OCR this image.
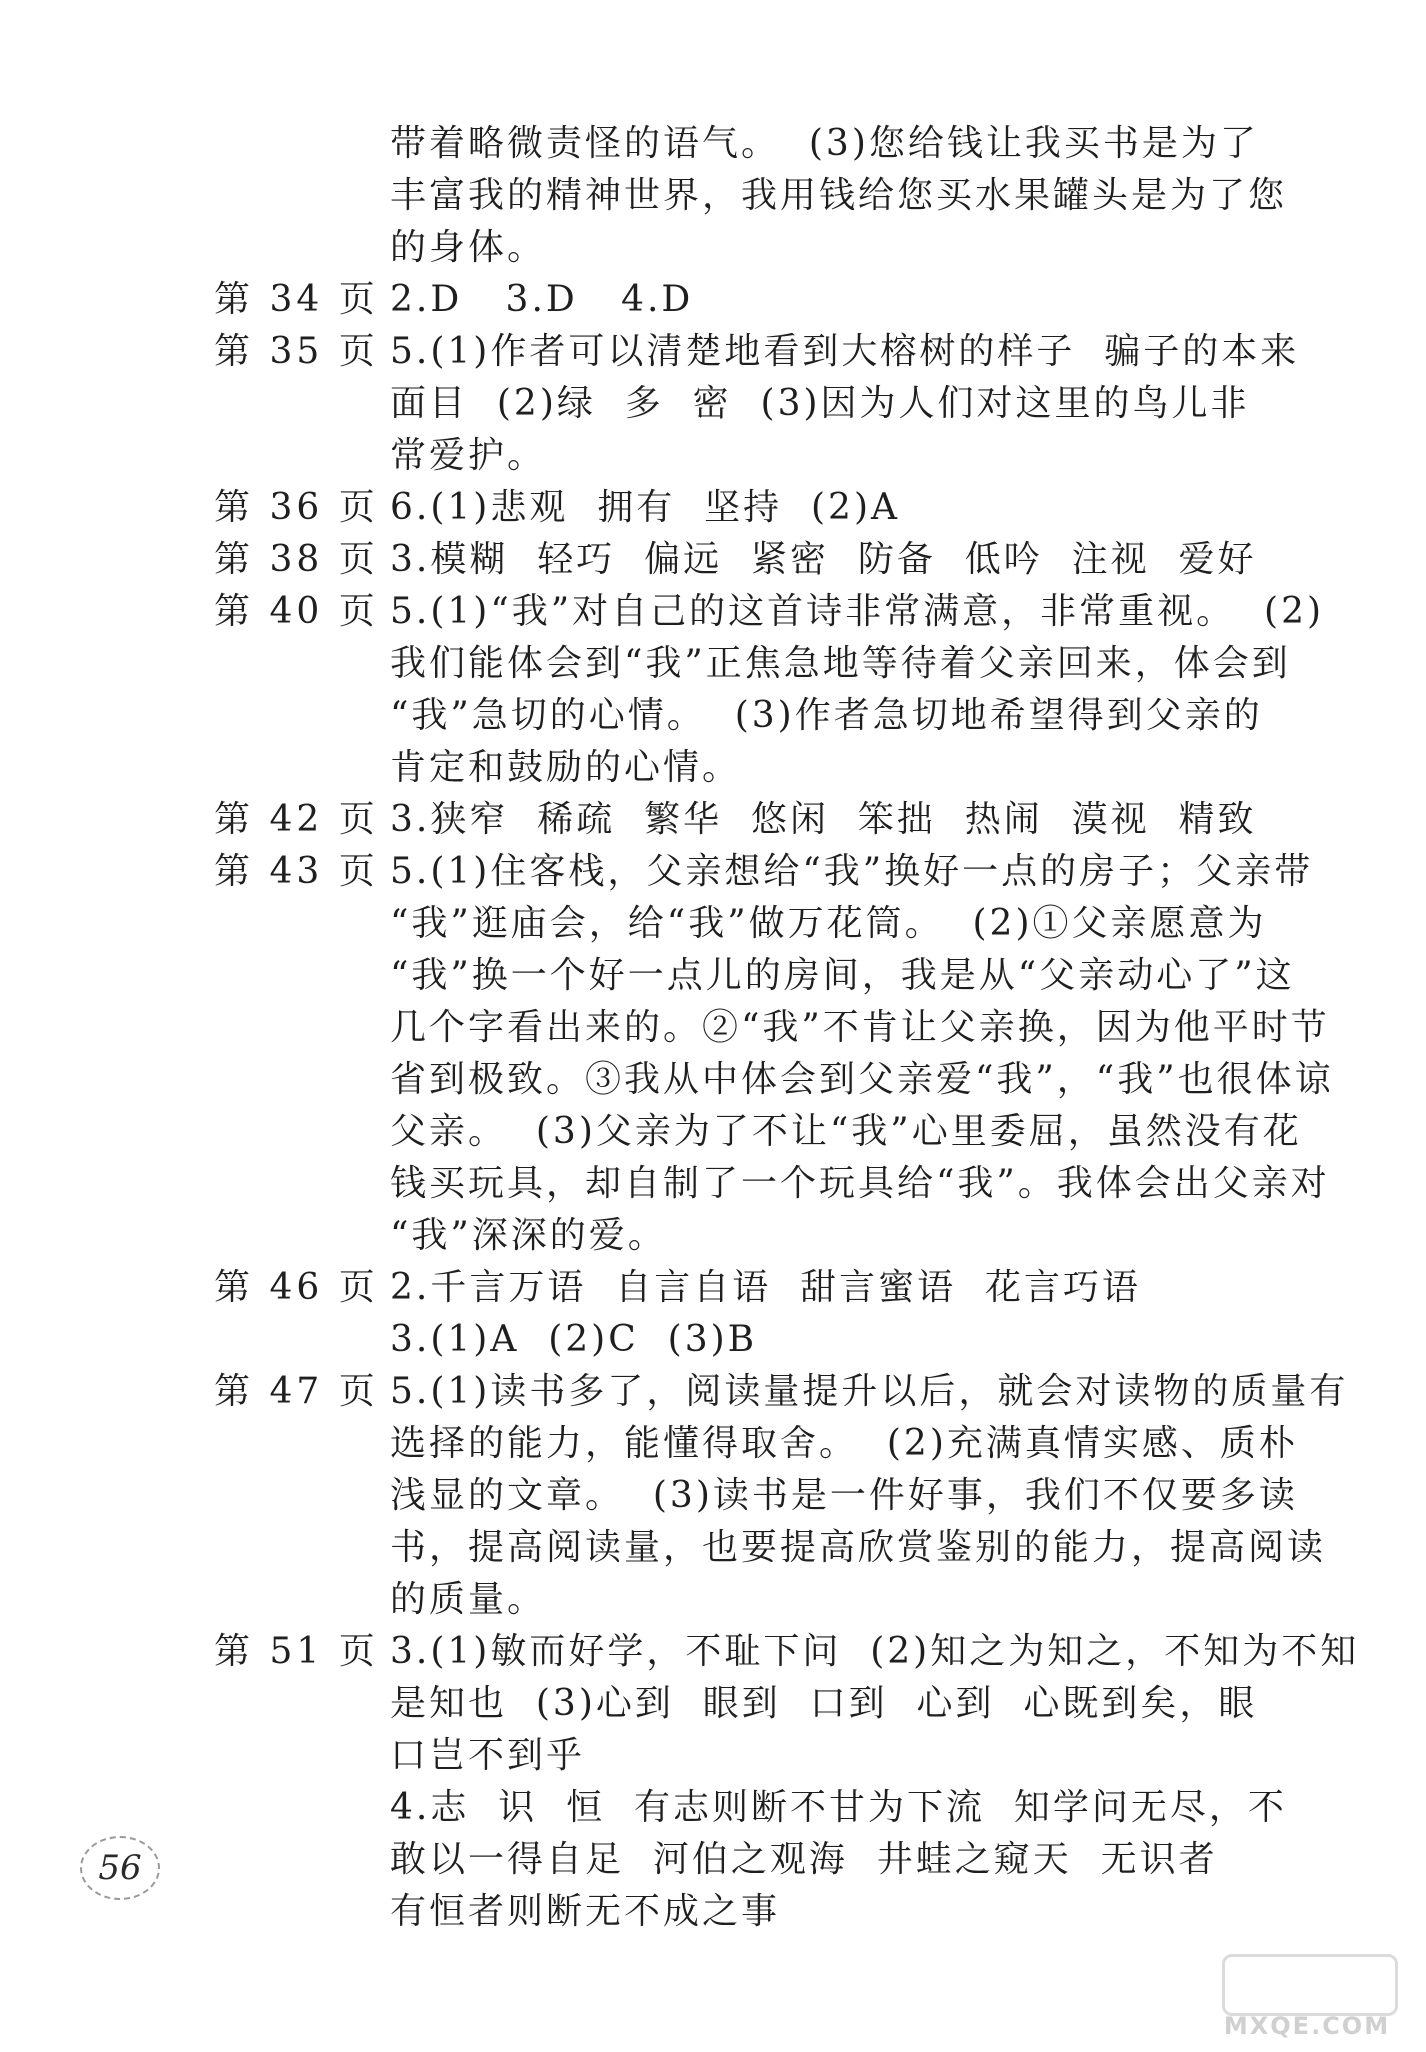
带着略微责怪的语气。  (3)您给钱让我买书是为了
丰富我的精神世界，我用钱给您买水果罐头是为了您
的身体。
第 34 页 2.D   3.D   4.D
第 35 页 5.(1)作者可以清楚地看到大榕树的样子  骗子的本来
面目  (2)绿  多  密  (3)因为人们对这里的鸟儿非
常爱护。
第 36 页 6.(1)悲观  拥有  坚持  (2)A
第 38 页 3.模糊  轻巧  偏远  紧密  防备  低吟  注视  爱好
第 40 页 5.(1)“我”对自己的这首诗非常满意，非常重视。  (2)
我们能体会到“我”正焦急地等待着父亲回来，体会到
“我”急切的心情。  (3)作者急切地希望得到父亲的
肯定和鼓励的心情。
第 42 页 3.狭窄  稀疏  繁华  悠闲  笨拙  热闹  漠视  精致
第 43 页 5.(1)住客栈，父亲想给“我”换好一点的房子；父亲带
“我”逛庙会，给“我”做万花筒。  (2)①父亲愿意为
“我”换一个好一点儿的房间，我是从“父亲动心了”这
几个字看出来的。②“我”不肯让父亲换，因为他平时节
省到极致。③我从中体会到父亲爱“我”，“我”也很体谅
父亲。  (3)父亲为了不让“我”心里委屈，虽然没有花
钱买玩具，却自制了一个玩具给“我”。我体会出父亲对
“我”深深的爱。
第 46 页 2.千言万语  自言自语  甜言蜜语  花言巧语
3.(1)A  (2)C  (3)B
第 47 页 5.(1)读书多了，阅读量提升以后，就会对读物的质量有
选择的能力，能懂得取舍。  (2)充满真情实感、质朴
浅显的文章。  (3)读书是一件好事，我们不仅要多读
书，提高阅读量，也要提高欣赏鉴别的能力，提高阅读
的质量。
第 51 页 3.(1)敏而好学，不耻下问  (2)知之为知之，不知为不知
是知也  (3)心到  眼到  口到  心到  心既到矣，眼
口岂不到乎
4.志  识  恒  有志则断不甘为下流  知学问无尽，不
敢以一得自足  河伯之观海  井蛙之窥天  无识者
有恒者则断无不成之事
56
MXQE.COM
